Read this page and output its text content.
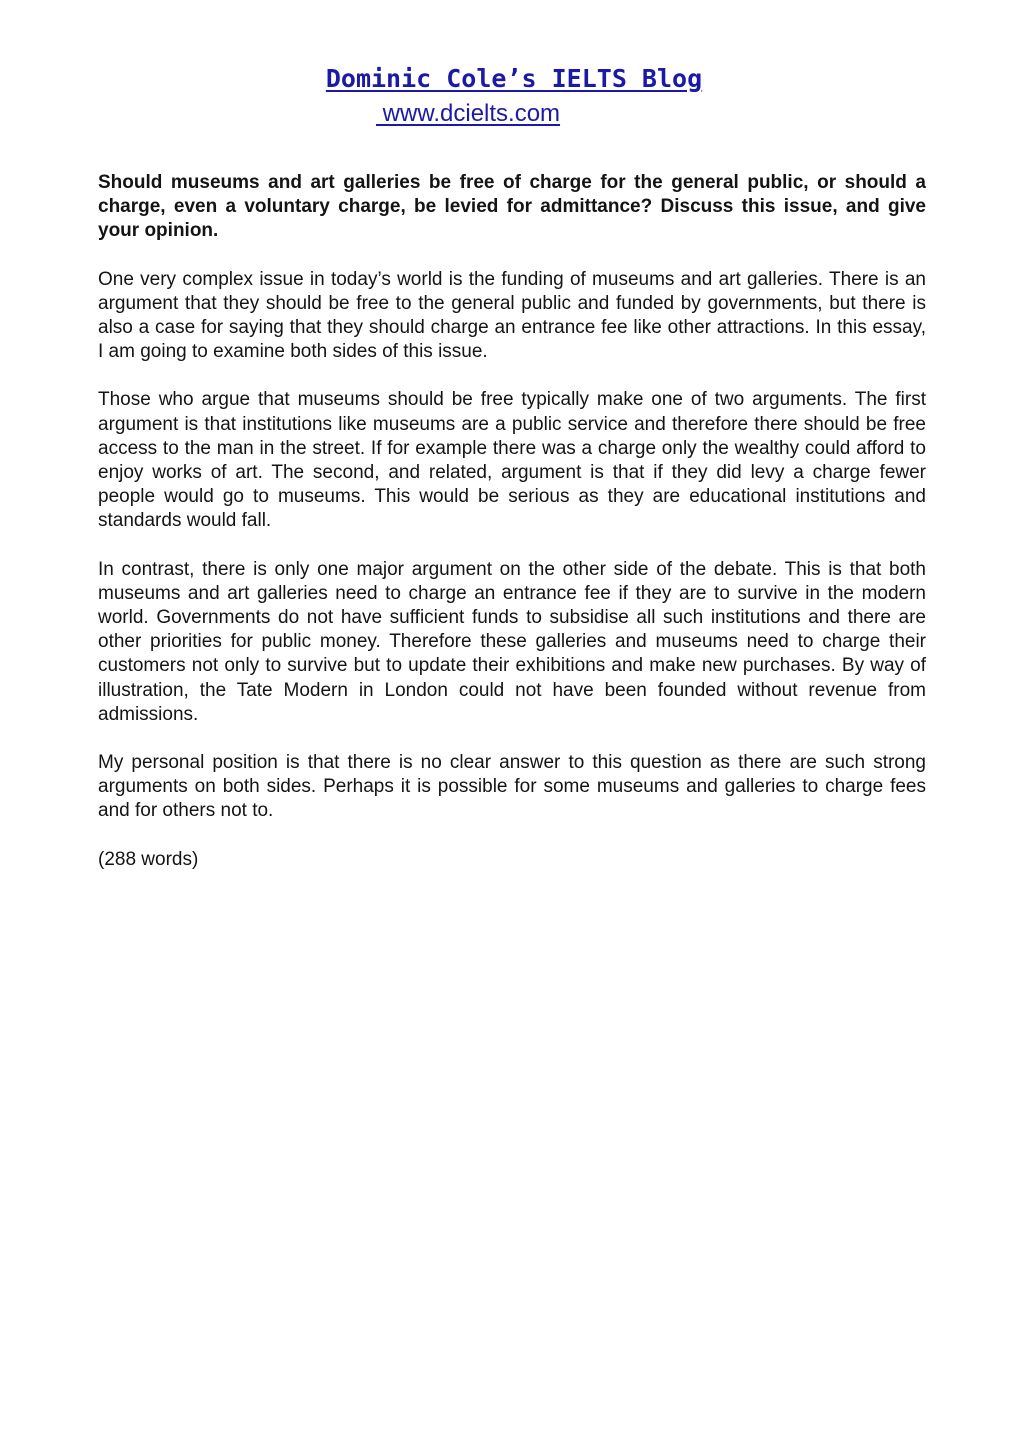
Dominic Cole’s IELTS Blog
www.dcielts.com

Should museums and art galleries be free of charge for the general public, or should a charge, even a voluntary charge, be levied for admittance? Discuss this issue, and give your opinion.

One very complex issue in today’s world is the funding of museums and art galleries. There is an argument that they should be free to the general public and funded by governments, but there is also a case for saying that they should charge an entrance fee like other attractions. In this essay, I am going to examine both sides of this issue.

Those who argue that museums should be free typically make one of two arguments. The first argument is that institutions like museums are a public service and therefore there should be free access to the man in the street. If for example there was a charge only the wealthy could afford to enjoy works of art. The second, and related, argument is that if they did levy a charge fewer people would go to museums. This would be serious as they are educational institutions and standards would fall.

In contrast, there is only one major argument on the other side of the debate. This is that both museums and art galleries need to charge an entrance fee if they are to survive in the modern world. Governments do not have sufficient funds to subsidise all such institutions and there are other priorities for public money. Therefore these galleries and museums need to charge their customers not only to survive but to update their exhibitions and make new purchases. By way of illustration, the Tate Modern in London could not have been founded without revenue from admissions.

My personal position is that there is no clear answer to this question as there are such strong arguments on both sides. Perhaps it is possible for some museums and galleries to charge fees and for others not to.

(288 words)
